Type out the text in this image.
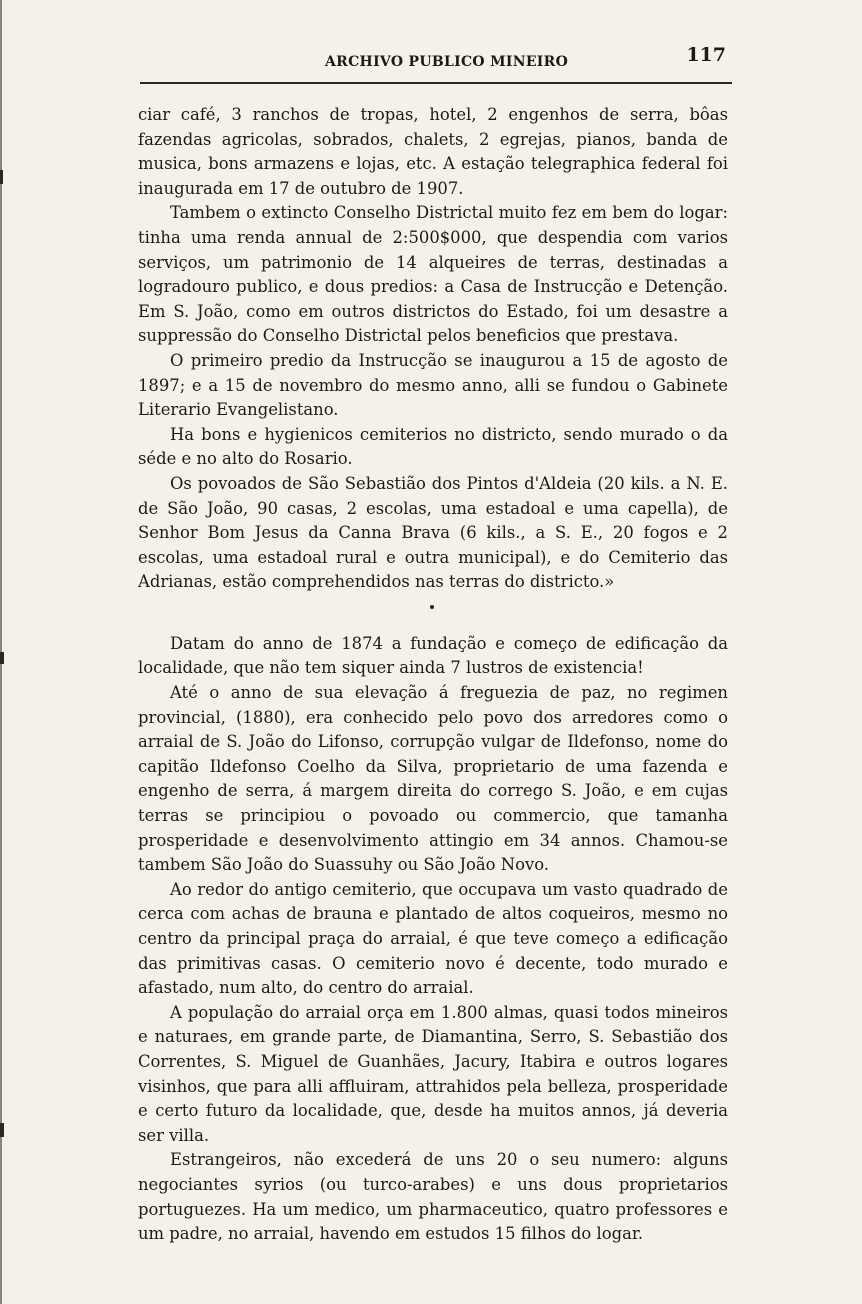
ARCHIVO PUBLICO MINEIRO	117

ciar café, 3 ranchos de tropas, hotel, 2 engenhos de serra, bôas fazendas agricolas, sobrados, chalets, 2 egrejas, pianos, banda de musica, bons armazens e lojas, etc. A estação telegraphica federal foi inaugurada em 17 de outubro de 1907.

Tambem o extincto Conselho Districtal muito fez em bem do logar: tinha uma renda annual de 2:500$000, que despendia com varios serviços, um patrimonio de 14 alqueires de terras, destinadas a logradouro publico, e dous predios: a Casa de Instrucção e Detenção. Em S. João, como em outros districtos do Estado, foi um desastre a suppressão do Conselho Districtal pelos beneficios que prestava.

O primeiro predio da Instrucção se inaugurou a 15 de agosto de 1897; e a 15 de novembro do mesmo anno, alli se fundou o Gabinete Literario Evangelistano.

Ha bons e hygienicos cemiterios no districto, sendo murado o da séde e no alto do Rosario.

Os povoados de São Sebastião dos Pintos d'Aldeia (20 kils. a N. E. de São João, 90 casas, 2 escolas, uma estadoal e uma capella), de Senhor Bom Jesus da Canna Brava (6 kils., a S. E., 20 fogos e 2 escolas, uma estadoal rural e outra municipal), e do Cemiterio das Adrianas, estão comprehendidos nas terras do districto.»

Datam do anno de 1874 a fundação e começo de edificação da localidade, que não tem siquer ainda 7 lustros de existencia!

Até o anno de sua elevação á freguezia de paz, no regimen provincial, (1880), era conhecido pelo povo dos arredores como o arraial de S. João do Lifonso, corrupção vulgar de Ildefonso, nome do capitão Ildefonso Coelho da Silva, proprietario de uma fazenda e engenho de serra, á margem direita do corrego S. João, e em cujas terras se principiou o povoado ou commercio, que tamanha prosperidade e desenvolvimento attingio em 34 annos. Chamou-se tambem São João do Suassuhy ou São João Novo.

Ao redor do antigo cemiterio, que occupava um vasto quadrado de cerca com achas de brauna e plantado de altos coqueiros, mesmo no centro da principal praça do arraial, é que teve começo a edificação das primitivas casas. O cemiterio novo é decente, todo murado e afastado, num alto, do centro do arraial.

A população do arraial orça em 1.800 almas, quasi todos mineiros e naturaes, em grande parte, de Diamantina, Serro, S. Sebastião dos Correntes, S. Miguel de Guanhães, Jacury, Itabira e outros logares visinhos, que para alli affluiram, attrahidos pela belleza, prosperidade e certo futuro da localidade, que, desde ha muitos annos, já deveria ser villa.

Estrangeiros, não excederá de uns 20 o seu numero: alguns negociantes syrios (ou turco-arabes) e uns dous proprietarios portuguezes. Ha um medico, um pharmaceutico, quatro professores e um padre, no arraial, havendo em estudos 15 filhos do logar.
